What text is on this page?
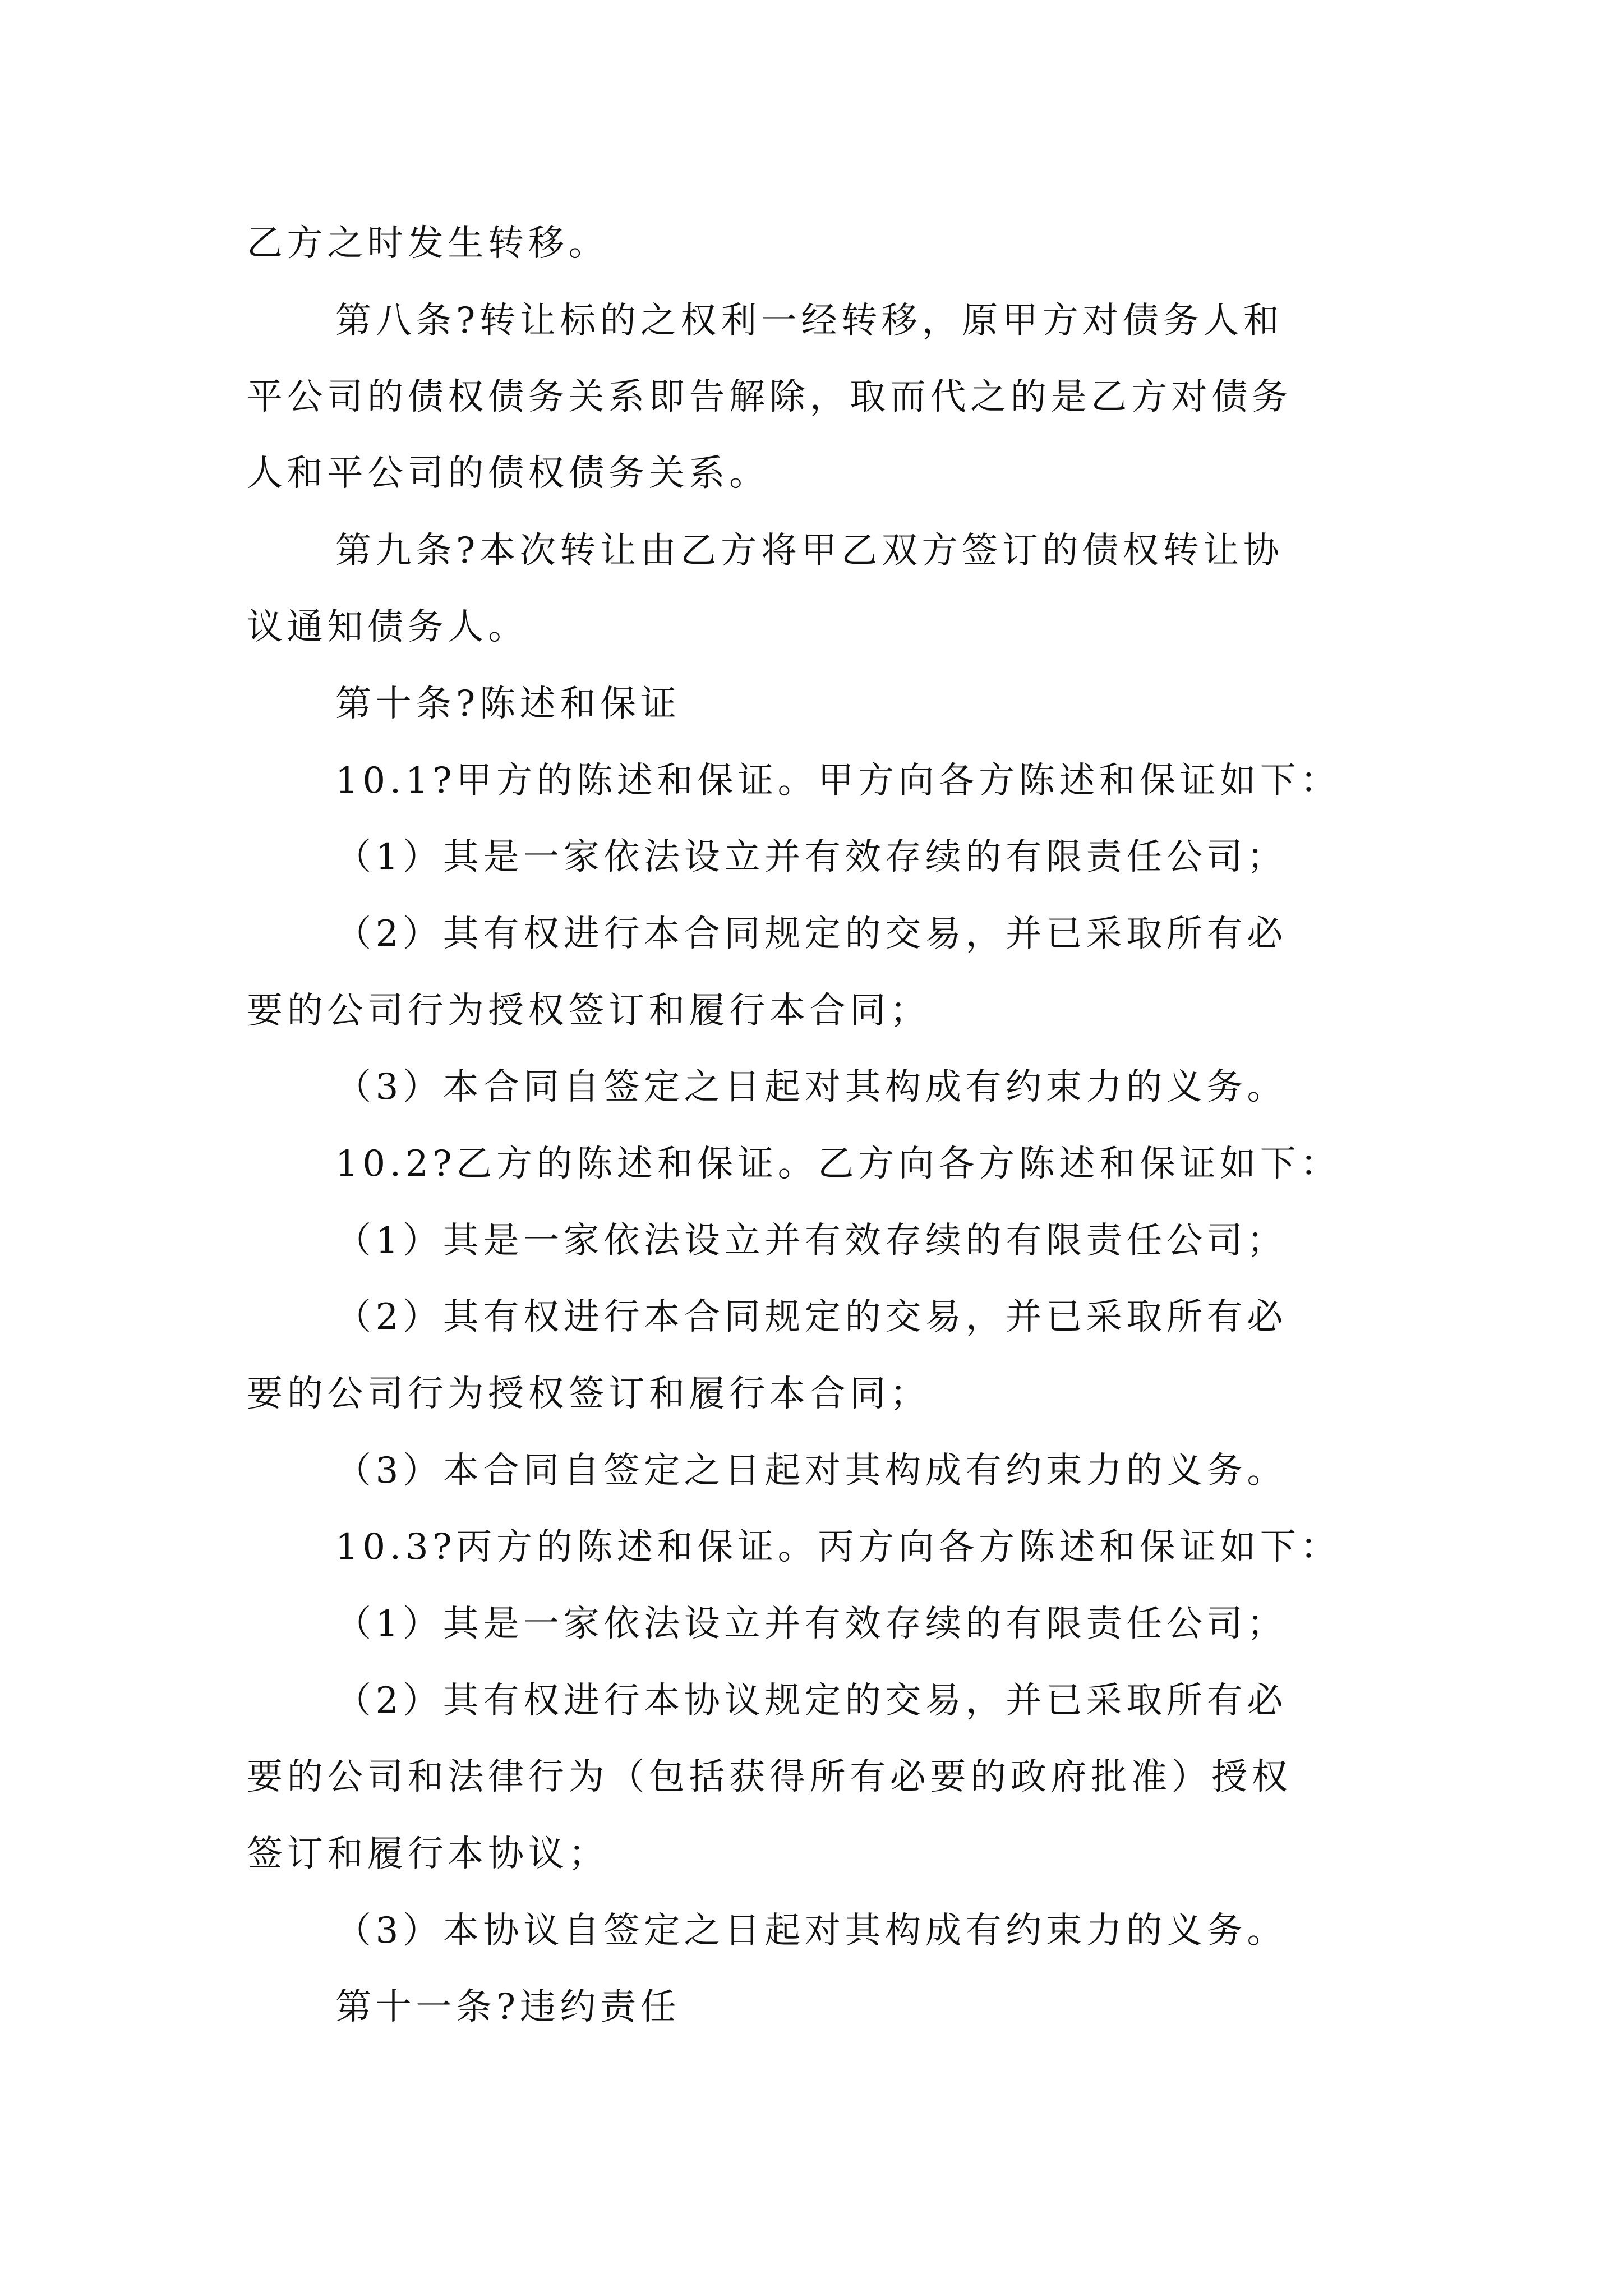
乙方之时发生转移。
第八条?转让标的之权利一经转移，原甲方对债务人和
平公司的债权债务关系即告解除，取而代之的是乙方对债务
人和平公司的债权债务关系。
第九条?本次转让由乙方将甲乙双方签订的债权转让协
议通知债务人。
第十条?陈述和保证
10.1?甲方的陈述和保证。甲方向各方陈述和保证如下：
（1）其是一家依法设立并有效存续的有限责任公司；
（2）其有权进行本合同规定的交易，并已采取所有必
要的公司行为授权签订和履行本合同；
（3）本合同自签定之日起对其构成有约束力的义务。
10.2?乙方的陈述和保证。乙方向各方陈述和保证如下：
（1）其是一家依法设立并有效存续的有限责任公司；
（2）其有权进行本合同规定的交易，并已采取所有必
要的公司行为授权签订和履行本合同；
（3）本合同自签定之日起对其构成有约束力的义务。
10.3?丙方的陈述和保证。丙方向各方陈述和保证如下：
（1）其是一家依法设立并有效存续的有限责任公司；
（2）其有权进行本协议规定的交易，并已采取所有必
要的公司和法律行为（包括获得所有必要的政府批准）授权
签订和履行本协议；
（3）本协议自签定之日起对其构成有约束力的义务。
第十一条?违约责任
